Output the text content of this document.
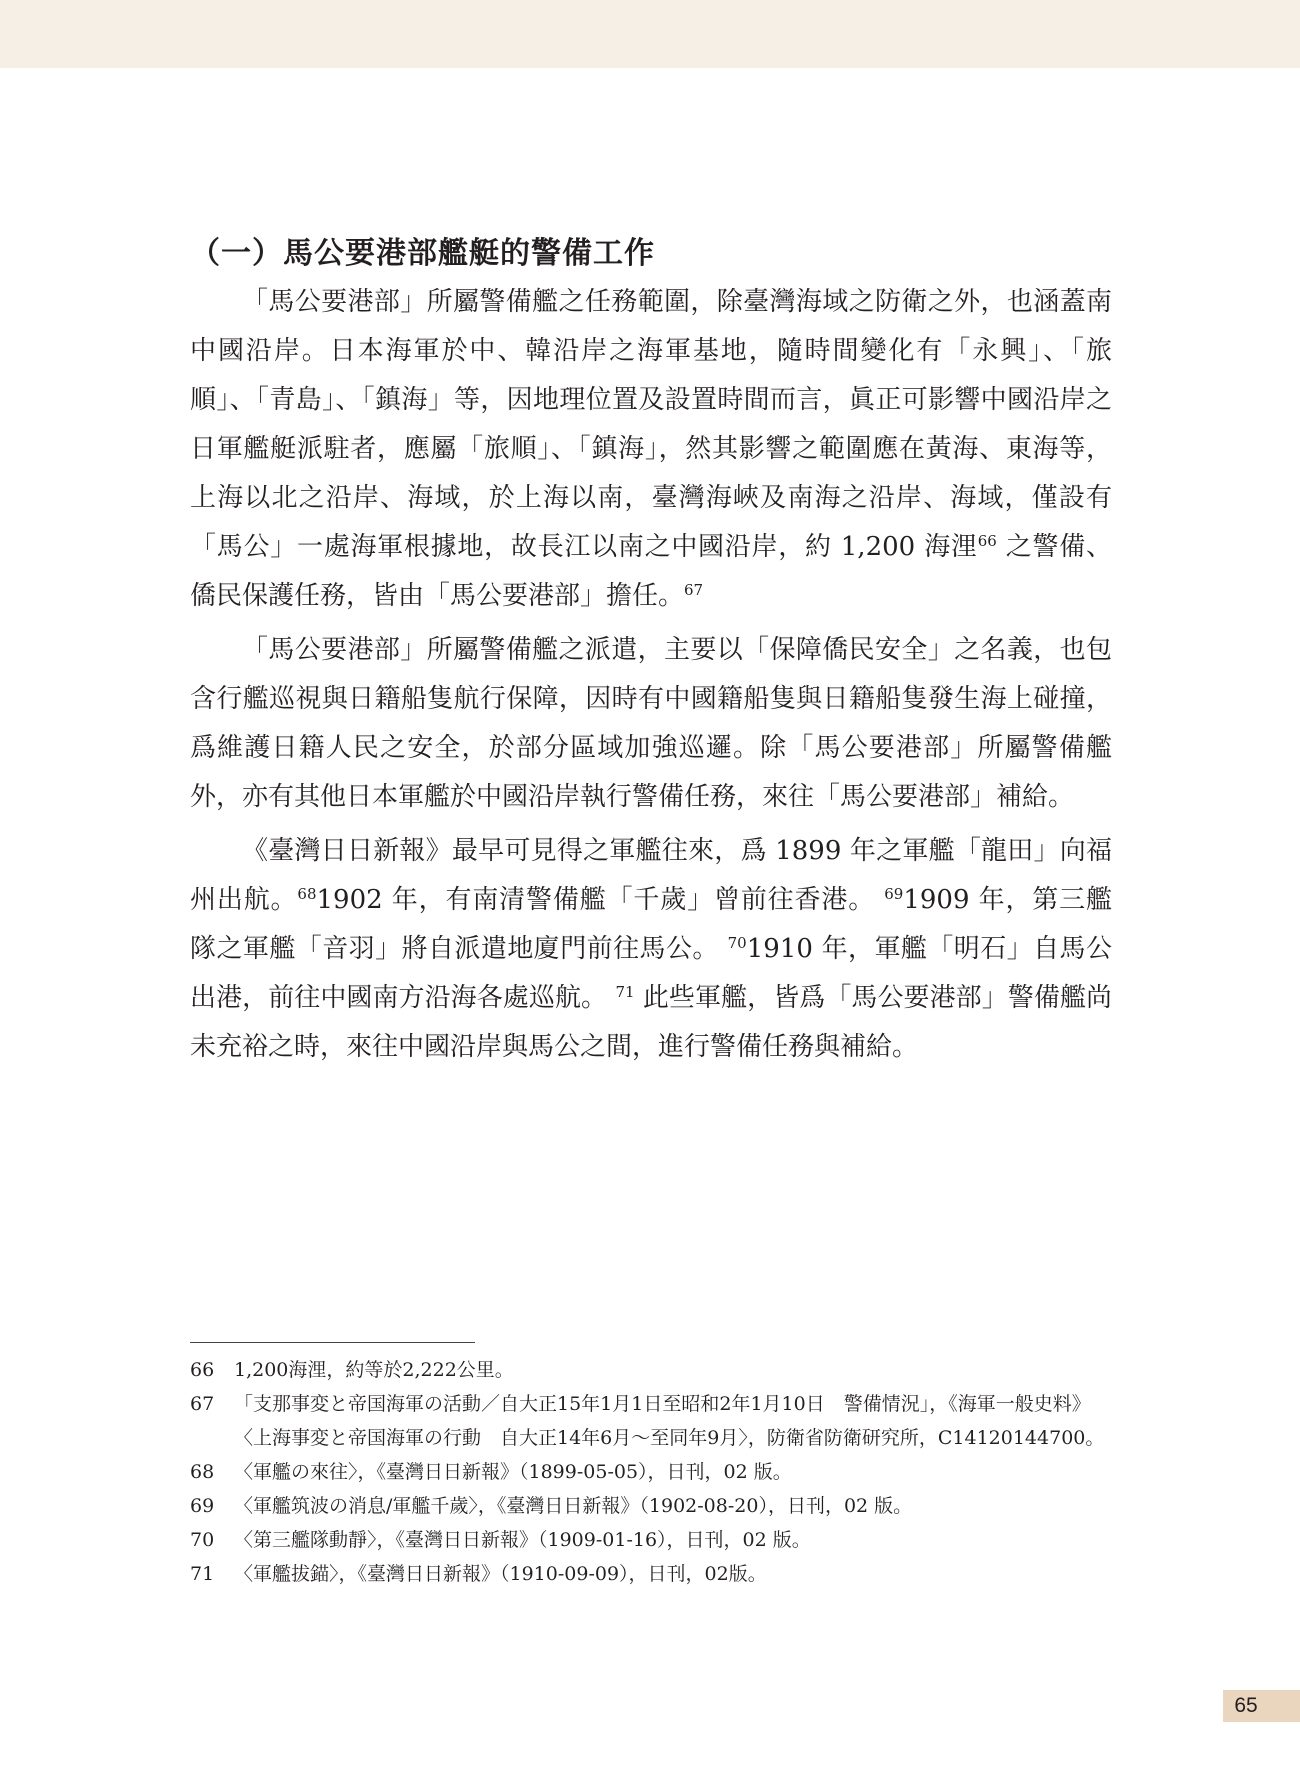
（一）馬公要港部艦艇的警備工作

「馬公要港部」所屬警備艦之任務範圍，除臺灣海域之防衛之外，也涵蓋南中國沿岸。日本海軍於中、韓沿岸之海軍基地，隨時間變化有「永興」、「旅順」、「青島」、「鎮海」等，因地理位置及設置時間而言，眞正可影響中國沿岸之日軍艦艇派駐者，應屬「旅順」、「鎮海」，然其影響之範圍應在黃海、東海等，上海以北之沿岸、海域，於上海以南，臺灣海峽及南海之沿岸、海域，僅設有「馬公」一處海軍根據地，故長江以南之中國沿岸，約 1,200 海浬$^{66}$ 之警備、僑民保護任務，皆由「馬公要港部」擔任。$^{67}$

「馬公要港部」所屬警備艦之派遣，主要以「保障僑民安全」之名義，也包含行艦巡視與日籍船隻航行保障，因時有中國籍船隻與日籍船隻發生海上碰撞，爲維護日籍人民之安全，於部分區域加強巡邏。除「馬公要港部」所屬警備艦外，亦有其他日本軍艦於中國沿岸執行警備任務，來往「馬公要港部」補給。

《臺灣日日新報》最早可見得之軍艦往來，爲 1899 年之軍艦「龍田」向福州出航。$^{68}$1902 年，有南清警備艦「千歲」曾前往香港。 $^{69}$1909 年，第三艦隊之軍艦「音羽」將自派遣地廈門前往馬公。 $^{70}$1910 年，軍艦「明石」自馬公出港，前往中國南方沿海各處巡航。 $^{71}$ 此些軍艦，皆爲「馬公要港部」警備艦尚未充裕之時，來往中國沿岸與馬公之間，進行警備任務與補給。

66	1,200海浬，約等於2,222公里。
67	「支那事変と帝国海軍の活動／自大正15年1月1日至昭和2年1月10日　警備情況」，《海軍一般史料》〈上海事変と帝国海軍の行動　自大正14年6月～至同年9月〉，防衛省防衛研究所，C14120144700。
68	〈軍艦の來往〉，《臺灣日日新報》（1899-05-05），日刊，02 版。
69	〈軍艦筑波の消息/軍艦千歲〉，《臺灣日日新報》（1902-08-20），日刊，02 版。
70	〈第三艦隊動靜〉，《臺灣日日新報》（1909-01-16），日刊，02 版。
71	〈軍艦拔錨〉，《臺灣日日新報》（1910-09-09），日刊，02版。
65
